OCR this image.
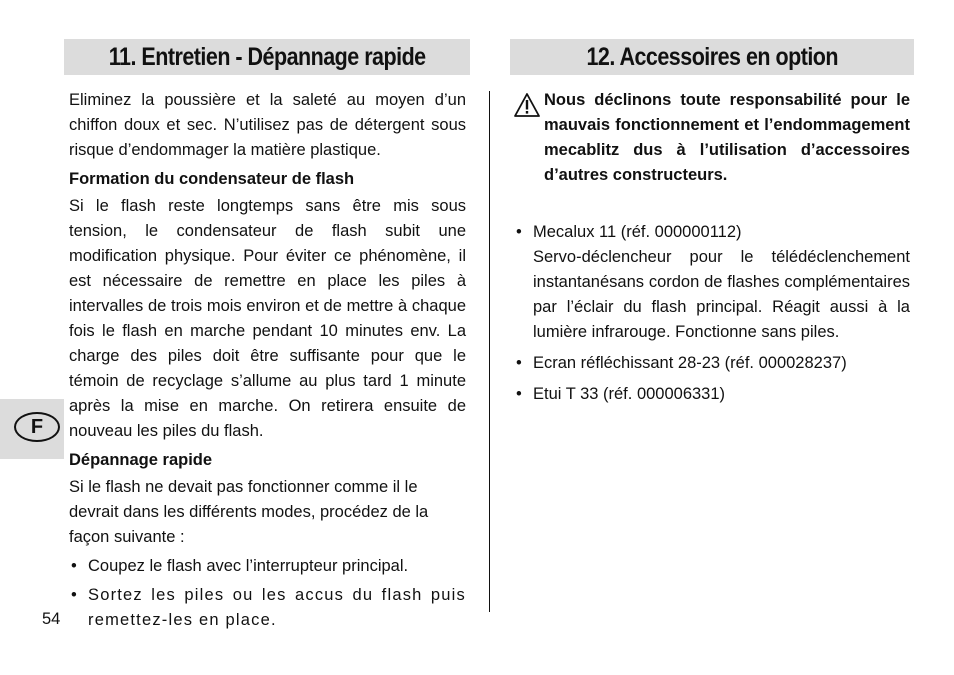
11. Entretien - Dépannage rapide	12. Accessoires en option

Eliminez la poussière et la saleté au moyen d’un chiffon doux et sec. N’utilisez pas de détergent sous risque d’endommager la matière plastique.

Formation du condensateur de flash

Si le flash reste longtemps sans être mis sous tension, le condensateur de flash subit une modification physique. Pour éviter ce phénomène, il est nécessaire de remettre en place les piles à intervalles de trois mois environ et de mettre à chaque fois le flash en marche pendant 10 minutes env. La charge des piles doit être suffisante pour que le témoin de recyclage s’allume au plus tard 1 minute après la mise en marche. On retirera ensuite de nouveau les piles du flash.

Dépannage rapide

Si le flash ne devait pas fonctionner comme il le devrait dans les différents modes, procédez de la façon suivante :

• Coupez le flash avec l’interrupteur principal.
• Sortez les piles ou les accus du flash puis remettez-les en place.

Nous déclinons toute responsabilité pour le mauvais fonctionnement et l’endommagement mecablitz dus à l’utilisation d’accessoires d’autres constructeurs.

• Mecalux 11 (réf. 000000112)
Servo-déclencheur pour le télédéclenchement instantanésans cordon de flashes complémentaires par l’éclair du flash principal. Réagit aussi à la lumière infrarouge. Fonctionne sans piles.
• Ecran réfléchissant 28-23 (réf. 000028237)
• Etui T 33 (réf. 000006331)
F
54
